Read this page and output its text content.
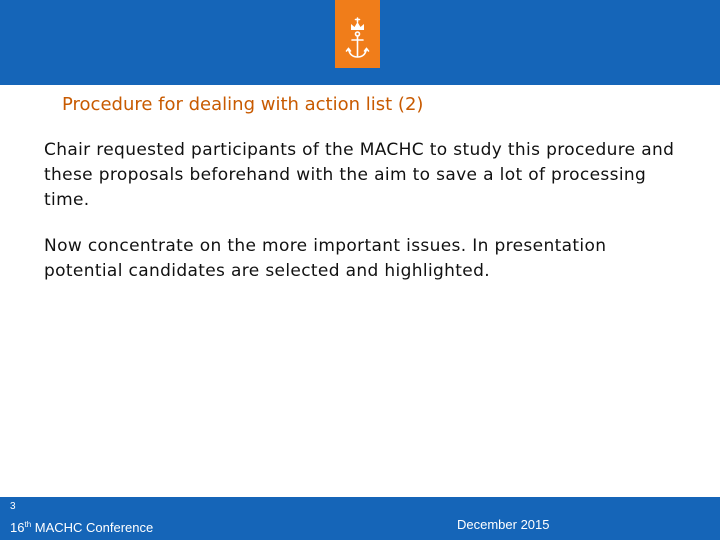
Procedure for dealing with action list (2)

Chair requested participants of the MACHC to study this procedure and these proposals beforehand with the aim to save a lot of processing time.

Now concentrate on the more important issues. In presentation potential candidates are selected and highlighted.

3
16th MACHC Conference	December 2015
